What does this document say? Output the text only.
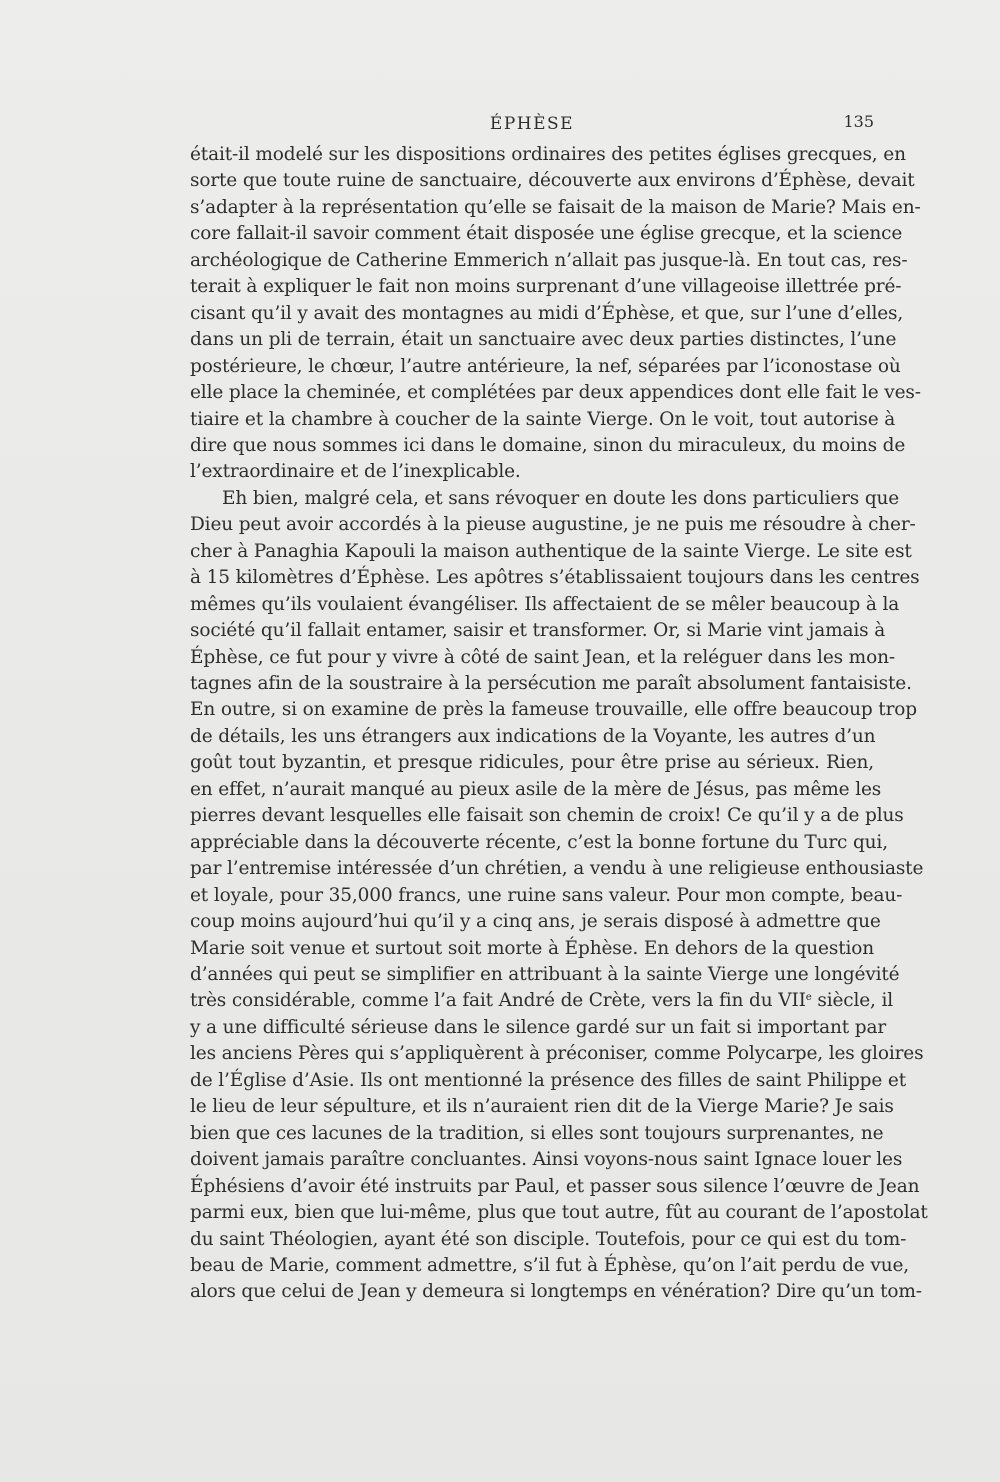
ÉPHÈSE	135
était-il modelé sur les dispositions ordinaires des petites églises grecques, en
sorte que toute ruine de sanctuaire, découverte aux environs d’Éphèse, devait
s’adapter à la représentation qu’elle se faisait de la maison de Marie? Mais en-
core fallait-il savoir comment était disposée une église grecque, et la science
archéologique de Catherine Emmerich n’allait pas jusque-là. En tout cas, res-
terait à expliquer le fait non moins surprenant d’une villageoise illettrée pré-
cisant qu’il y avait des montagnes au midi d’Éphèse, et que, sur l’une d’elles,
dans un pli de terrain, était un sanctuaire avec deux parties distinctes, l’une
postérieure, le chœur, l’autre antérieure, la nef, séparées par l’iconostase où
elle place la cheminée, et complétées par deux appendices dont elle fait le ves-
tiaire et la chambre à coucher de la sainte Vierge. On le voit, tout autorise à
dire que nous sommes ici dans le domaine, sinon du miraculeux, du moins de
l’extraordinaire et de l’inexplicable.
Eh bien, malgré cela, et sans révoquer en doute les dons particuliers que
Dieu peut avoir accordés à la pieuse augustine, je ne puis me résoudre à cher-
cher à Panaghia Kapouli la maison authentique de la sainte Vierge. Le site est
à 15 kilomètres d’Éphèse. Les apôtres s’établissaient toujours dans les centres
mêmes qu’ils voulaient évangéliser. Ils affectaient de se mêler beaucoup à la
société qu’il fallait entamer, saisir et transformer. Or, si Marie vint jamais à
Éphèse, ce fut pour y vivre à côté de saint Jean, et la reléguer dans les mon-
tagnes afin de la soustraire à la persécution me paraît absolument fantaisiste.
En outre, si on examine de près la fameuse trouvaille, elle offre beaucoup trop
de détails, les uns étrangers aux indications de la Voyante, les autres d’un
goût tout byzantin, et presque ridicules, pour être prise au sérieux. Rien,
en effet, n’aurait manqué au pieux asile de la mère de Jésus, pas même les
pierres devant lesquelles elle faisait son chemin de croix! Ce qu’il y a de plus
appréciable dans la découverte récente, c’est la bonne fortune du Turc qui,
par l’entremise intéressée d’un chrétien, a vendu à une religieuse enthousiaste
et loyale, pour 35,000 francs, une ruine sans valeur. Pour mon compte, beau-
coup moins aujourd’hui qu’il y a cinq ans, je serais disposé à admettre que
Marie soit venue et surtout soit morte à Éphèse. En dehors de la question
d’années qui peut se simplifier en attribuant à la sainte Vierge une longévité
très considérable, comme l’a fait André de Crète, vers la fin du VIIe siècle, il
y a une difficulté sérieuse dans le silence gardé sur un fait si important par
les anciens Pères qui s’appliquèrent à préconiser, comme Polycarpe, les gloires
de l’Église d’Asie. Ils ont mentionné la présence des filles de saint Philippe et
le lieu de leur sépulture, et ils n’auraient rien dit de la Vierge Marie? Je sais
bien que ces lacunes de la tradition, si elles sont toujours surprenantes, ne
doivent jamais paraître concluantes. Ainsi voyons-nous saint Ignace louer les
Éphésiens d’avoir été instruits par Paul, et passer sous silence l’œuvre de Jean
parmi eux, bien que lui-même, plus que tout autre, fût au courant de l’apostolat
du saint Théologien, ayant été son disciple. Toutefois, pour ce qui est du tom-
beau de Marie, comment admettre, s’il fut à Éphèse, qu’on l’ait perdu de vue,
alors que celui de Jean y demeura si longtemps en vénération? Dire qu’un tom-
